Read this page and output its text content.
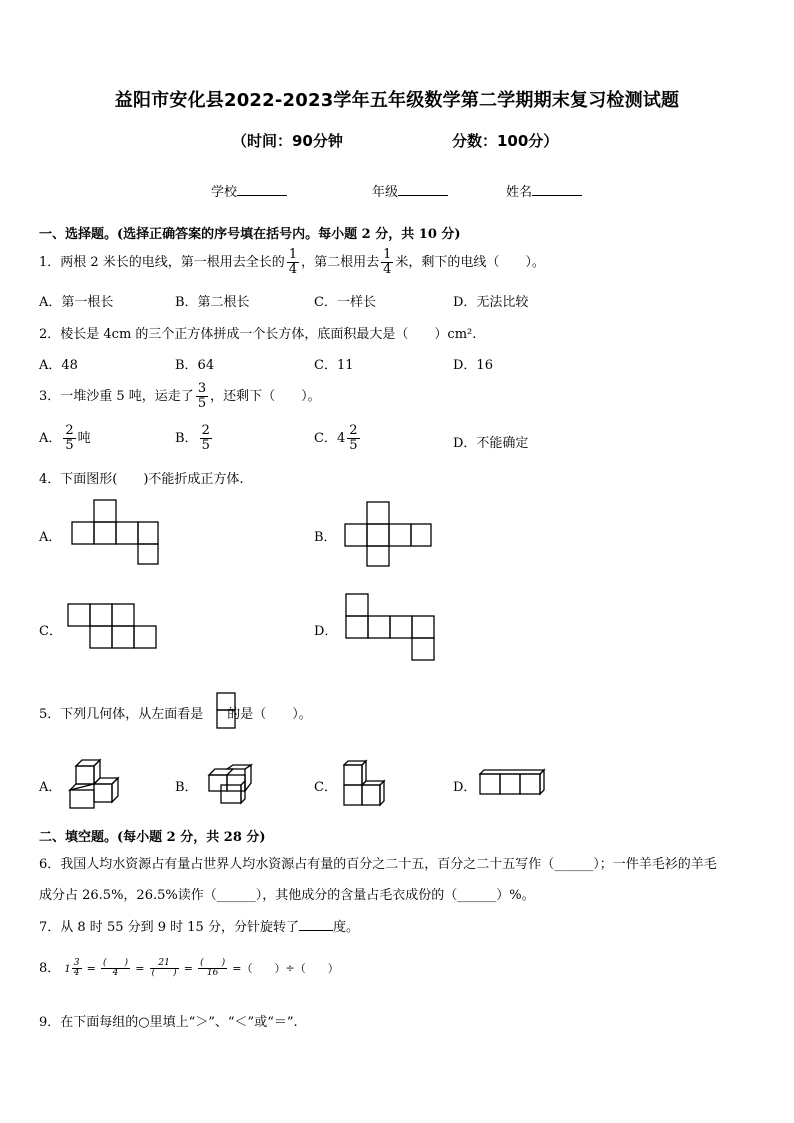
益阳市安化县2022-2023学年五年级数学第二学期期末复习检测试题
（时间：90分钟	分数：100分）
学校	年级	姓名
一、选择题。(选择正确答案的序号填在括号内。每小题 2 分，共 10 分)
1．两根 2 米长的电线，第一根用去全长的 $\frac{1}{4}$ ，第二根用去 $\frac{1}{4}$ 米，剩下的电线（　　）。
A．第一根长	B．第二根长	C．一样长	D．无法比较
2．棱长是 4cm 的三个正方体拼成一个长方体，底面积最大是（　　）cm².
A．48	B．64	C．11	D．16
3．一堆沙重 5 吨，运走了 $\frac{3}{5}$ ，还剩下（　　）。
A． $\frac{2}{5}$ 吨	B． $\frac{2}{5}$	C．$4 \frac{2}{5}$	D．不能确定
4．下面图形(　　)不能折成正方体.
A．	B．
C．	D．
5．下列几何体，从左面看是 的是（　　）。
A．	B．	C．	D．
二、填空题。(每小题 2 分，共 28 分)
6．我国人均水资源占有量占世界人均水资源占有量的百分之二十五，百分之二十五写作（______）；一件羊毛衫的羊毛
成分占 26.5%，26.5%读作（______），其他成分的含量占毛衣成份的（______）%。
7．从 8 时 55 分到 9 时 15 分，分针旋转了	度。
8． $1 \frac{3}{4} = \frac{( )}{4} = \frac{21}{( )} = \frac{( )}{16}$ =（　　）÷（　　）
9．在下面每组的○里填上“＞”、“＜”或“＝”.
